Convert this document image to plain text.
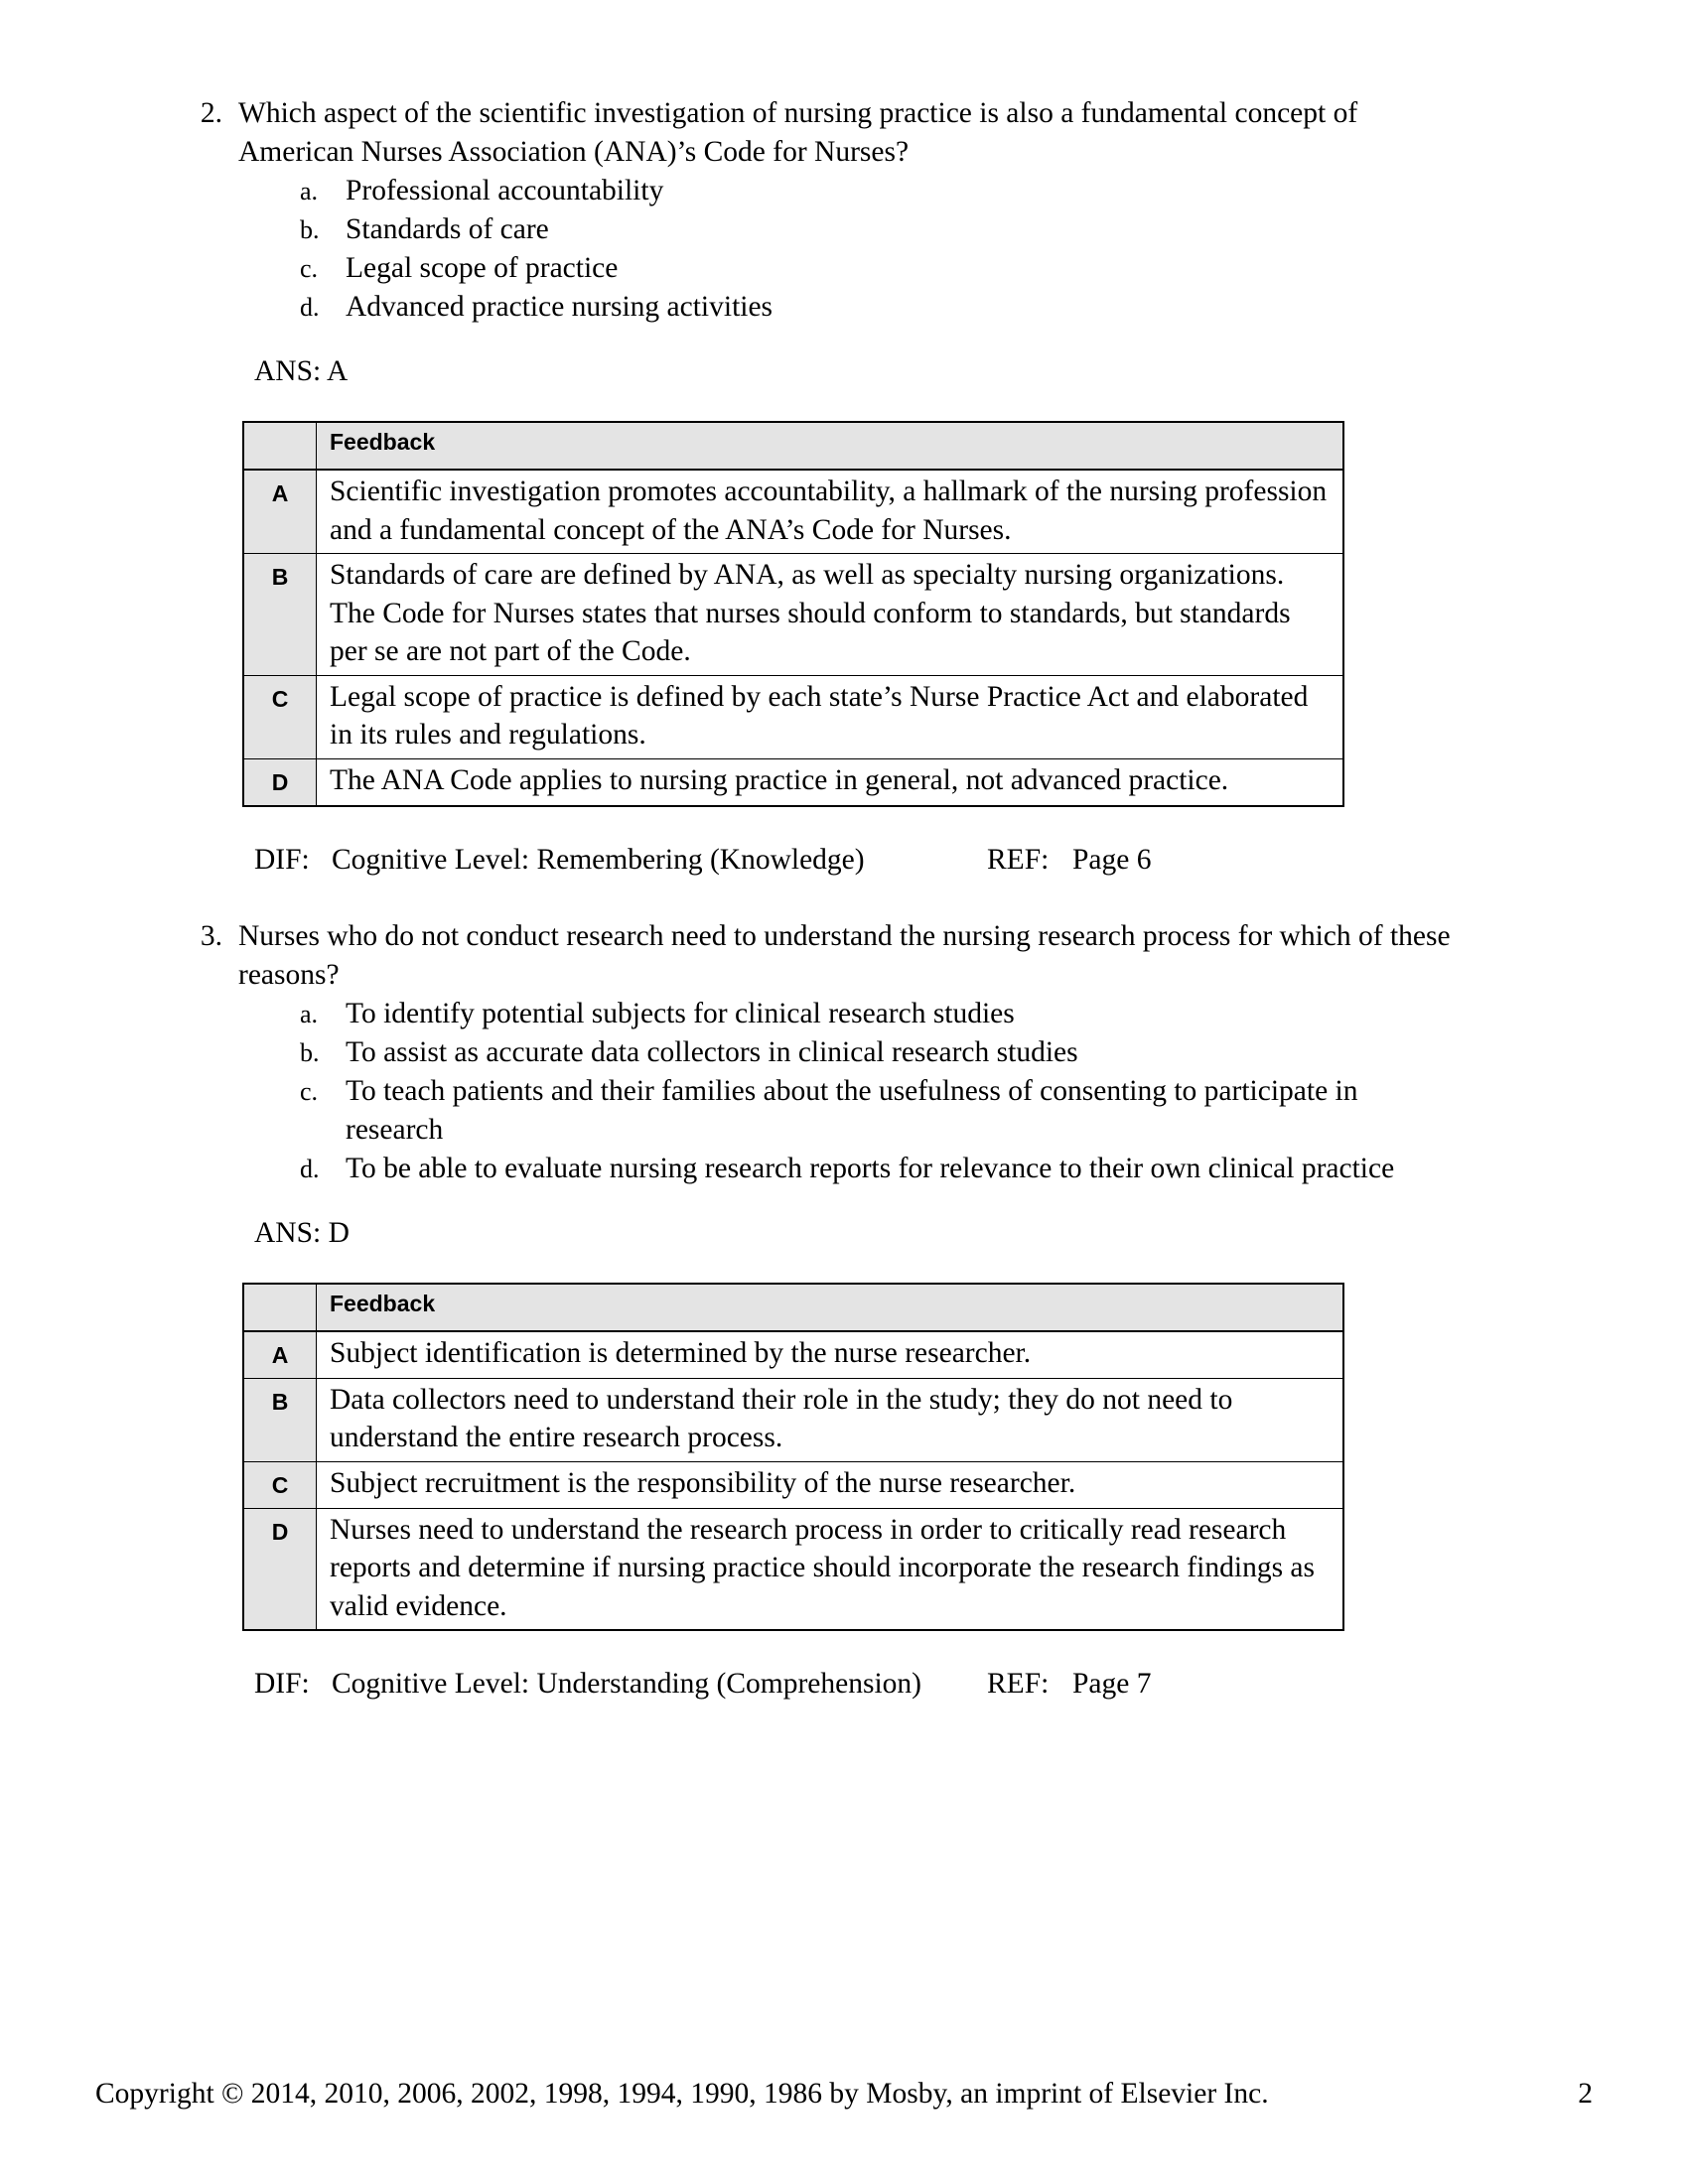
2. Which aspect of the scientific investigation of nursing practice is also a fundamental concept of American Nurses Association (ANA)’s Code for Nurses?
a. Professional accountability
b. Standards of care
c. Legal scope of practice
d. Advanced practice nursing activities
ANS: A
	Feedback
A	Scientific investigation promotes accountability, a hallmark of the nursing profession and a fundamental concept of the ANA’s Code for Nurses.
B	Standards of care are defined by ANA, as well as specialty nursing organizations. The Code for Nurses states that nurses should conform to standards, but standards per se are not part of the Code.
C	Legal scope of practice is defined by each state’s Nurse Practice Act and elaborated in its rules and regulations.
D	The ANA Code applies to nursing practice in general, not advanced practice.
DIF: Cognitive Level: Remembering (Knowledge)	REF: Page 6
3. Nurses who do not conduct research need to understand the nursing research process for which of these reasons?
a. To identify potential subjects for clinical research studies
b. To assist as accurate data collectors in clinical research studies
c. To teach patients and their families about the usefulness of consenting to participate in research
d. To be able to evaluate nursing research reports for relevance to their own clinical practice
ANS: D
	Feedback
A	Subject identification is determined by the nurse researcher.
B	Data collectors need to understand their role in the study; they do not need to understand the entire research process.
C	Subject recruitment is the responsibility of the nurse researcher.
D	Nurses need to understand the research process in order to critically read research reports and determine if nursing practice should incorporate the research findings as valid evidence.
DIF: Cognitive Level: Understanding (Comprehension)	REF: Page 7
Copyright © 2014, 2010, 2006, 2002, 1998, 1994, 1990, 1986 by Mosby, an imprint of Elsevier Inc.	2
